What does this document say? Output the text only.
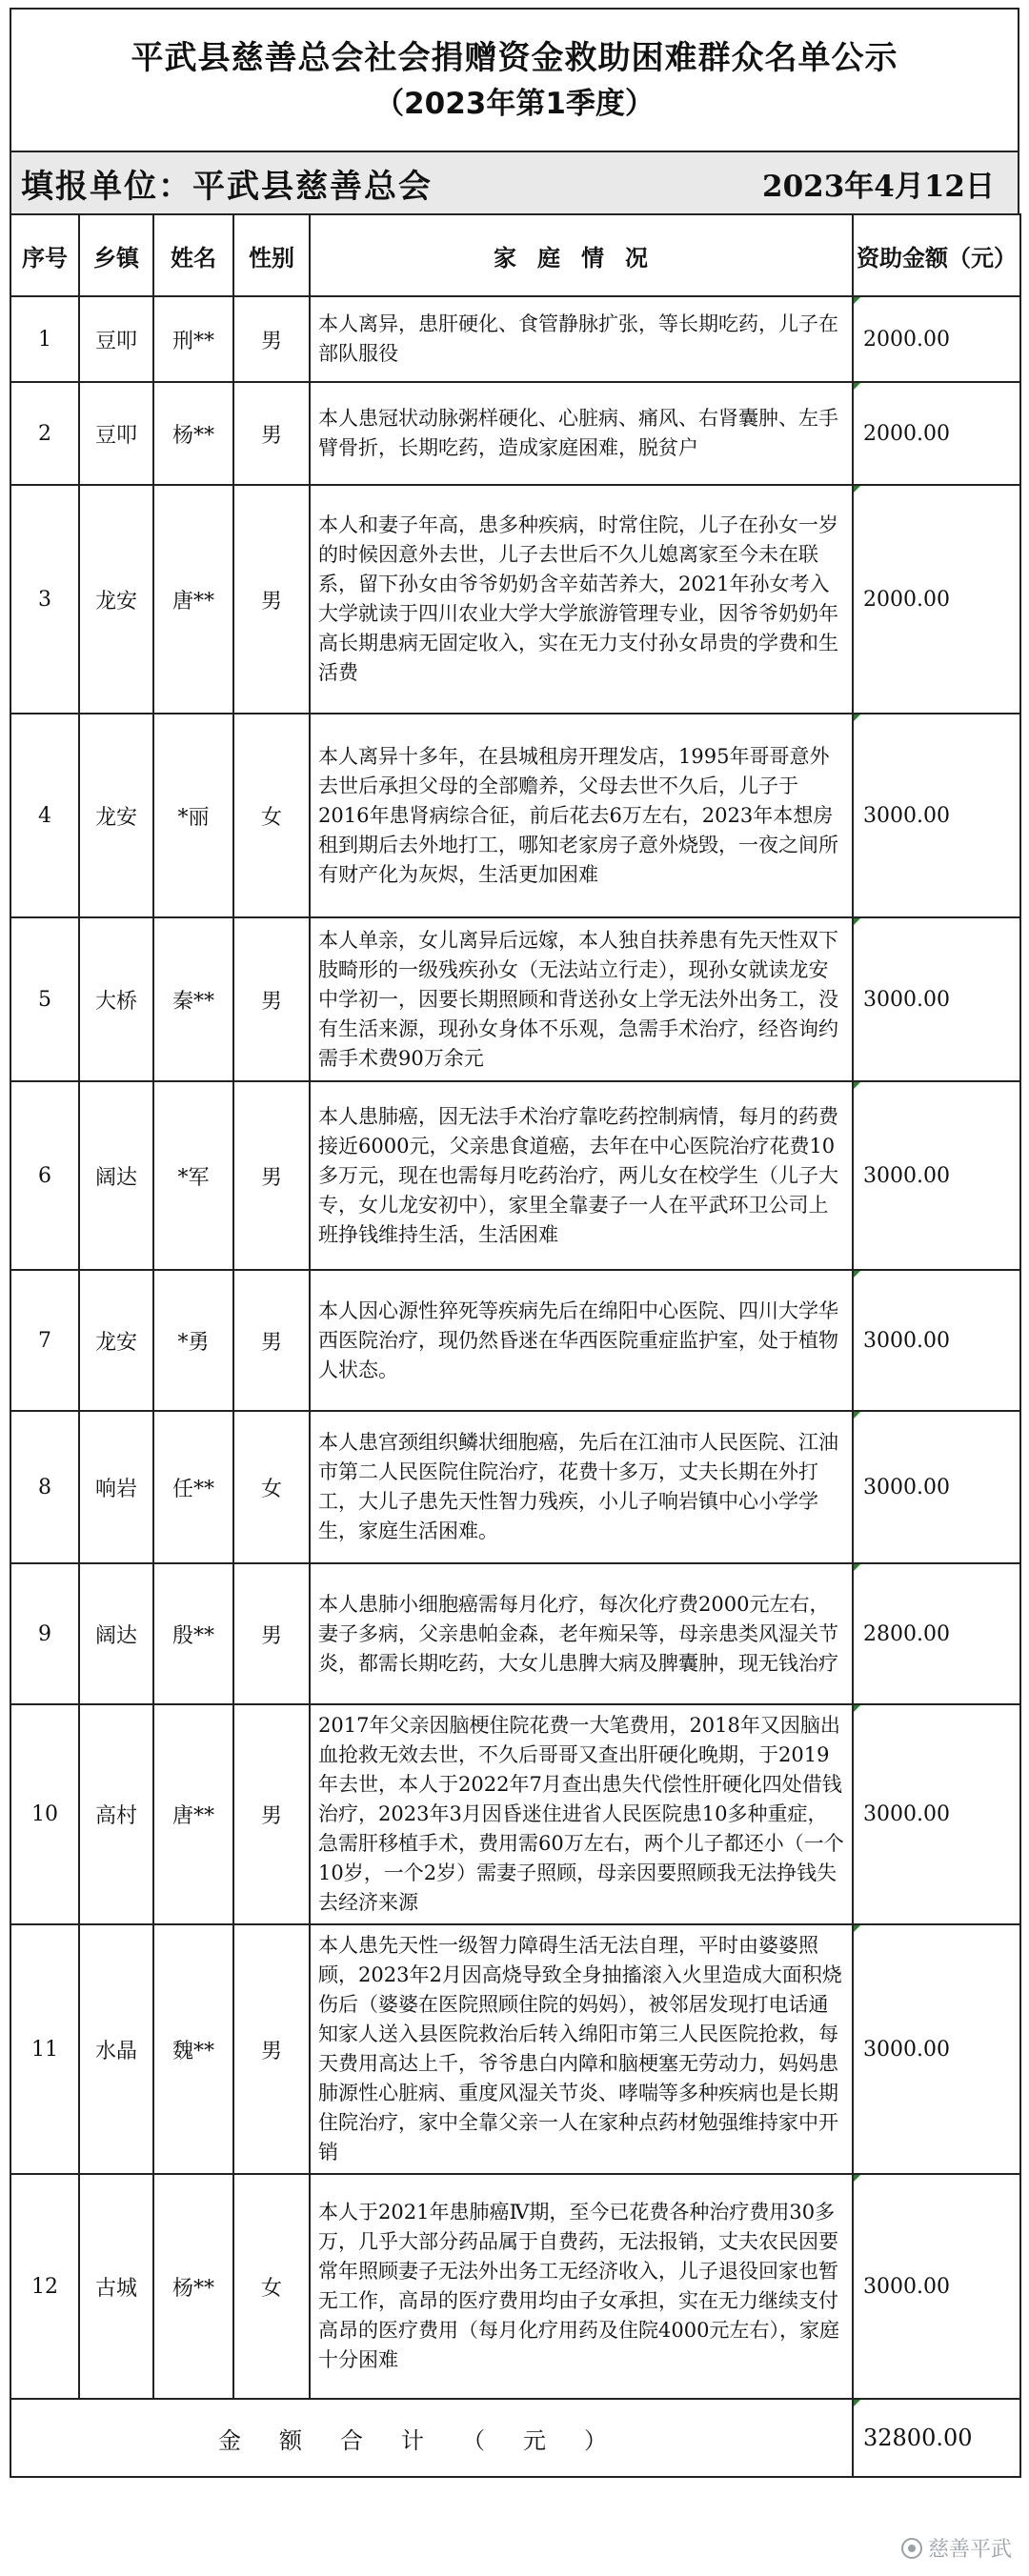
平武县慈善总会社会捐赠资金救助困难群众名单公示
（2023年第1季度）
填报单位：平武县慈善总会	2023年4月12日
序号	乡镇	姓名	性别	家庭情况	资助金额（元）
1	豆叩	刑**	男	本人离异，患肝硬化、食管静脉扩张，等长期吃药，儿子在部队服役	2000.00
2	豆叩	杨**	男	本人患冠状动脉粥样硬化、心脏病、痛风、右肾囊肿、左手臂骨折，长期吃药，造成家庭困难，脱贫户	2000.00
3	龙安	唐**	男	本人和妻子年高，患多种疾病，时常住院，儿子在孙女一岁的时候因意外去世，儿子去世后不久儿媳离家至今未在联系，留下孙女由爷爷奶奶含辛茹苦养大，2021年孙女考入大学就读于四川农业大学大学旅游管理专业，因爷爷奶奶年高长期患病无固定收入，实在无力支付孙女昂贵的学费和生活费	2000.00
4	龙安	*丽	女	本人离异十多年，在县城租房开理发店，1995年哥哥意外去世后承担父母的全部赡养，父母去世不久后，儿子于2016年患肾病综合征，前后花去6万左右，2023年本想房租到期后去外地打工，哪知老家房子意外烧毁，一夜之间所有财产化为灰烬，生活更加困难	3000.00
5	大桥	秦**	男	本人单亲，女儿离异后远嫁，本人独自扶养患有先天性双下肢畸形的一级残疾孙女（无法站立行走），现孙女就读龙安中学初一，因要长期照顾和背送孙女上学无法外出务工，没有生活来源，现孙女身体不乐观，急需手术治疗，经咨询约需手术费90万余元	3000.00
6	阔达	*军	男	本人患肺癌，因无法手术治疗靠吃药控制病情，每月的药费接近6000元，父亲患食道癌，去年在中心医院治疗花费10多万元，现在也需每月吃药治疗，两儿女在校学生（儿子大专，女儿龙安初中），家里全靠妻子一人在平武环卫公司上班挣钱维持生活，生活困难	3000.00
7	龙安	*勇	男	本人因心源性猝死等疾病先后在绵阳中心医院、四川大学华西医院治疗，现仍然昏迷在华西医院重症监护室，处于植物人状态。	3000.00
8	响岩	任**	女	本人患宫颈组织鳞状细胞癌，先后在江油市人民医院、江油市第二人民医院住院治疗，花费十多万，丈夫长期在外打工，大儿子患先天性智力残疾，小儿子响岩镇中心小学学生，家庭生活困难。	3000.00
9	阔达	殷**	男	本人患肺小细胞癌需每月化疗，每次化疗费2000元左右，妻子多病，父亲患帕金森，老年痴呆等，母亲患类风湿关节炎，都需长期吃药，大女儿患脾大病及脾囊肿，现无钱治疗	2800.00
10	高村	唐**	男	2017年父亲因脑梗住院花费一大笔费用，2018年又因脑出血抢救无效去世，不久后哥哥又查出肝硬化晚期，于2019年去世，本人于2022年7月查出患失代偿性肝硬化四处借钱治疗，2023年3月因昏迷住进省人民医院患10多种重症，急需肝移植手术，费用需60万左右，两个儿子都还小（一个10岁，一个2岁）需妻子照顾，母亲因要照顾我无法挣钱失去经济来源	3000.00
11	水晶	魏**	男	本人患先天性一级智力障碍生活无法自理，平时由婆婆照顾，2023年2月因高烧导致全身抽搐滚入火里造成大面积烧伤后（婆婆在医院照顾住院的妈妈），被邻居发现打电话通知家人送入县医院救治后转入绵阳市第三人民医院抢救，每天费用高达上千，爷爷患白内障和脑梗塞无劳动力，妈妈患肺源性心脏病、重度风湿关节炎、哮喘等多种疾病也是长期住院治疗，家中全靠父亲一人在家种点药材勉强维持家中开销	3000.00
12	古城	杨**	女	本人于2021年患肺癌Ⅳ期，至今已花费各种治疗费用30多万，几乎大部分药品属于自费药，无法报销，丈夫农民因要常年照顾妻子无法外出务工无经济收入，儿子退役回家也暂无工作，高昂的医疗费用均由子女承担，实在无力继续支付高昂的医疗费用（每月化疗用药及住院4000元左右），家庭十分困难	3000.00
金额合计（元）					32800.00
慈善平武
